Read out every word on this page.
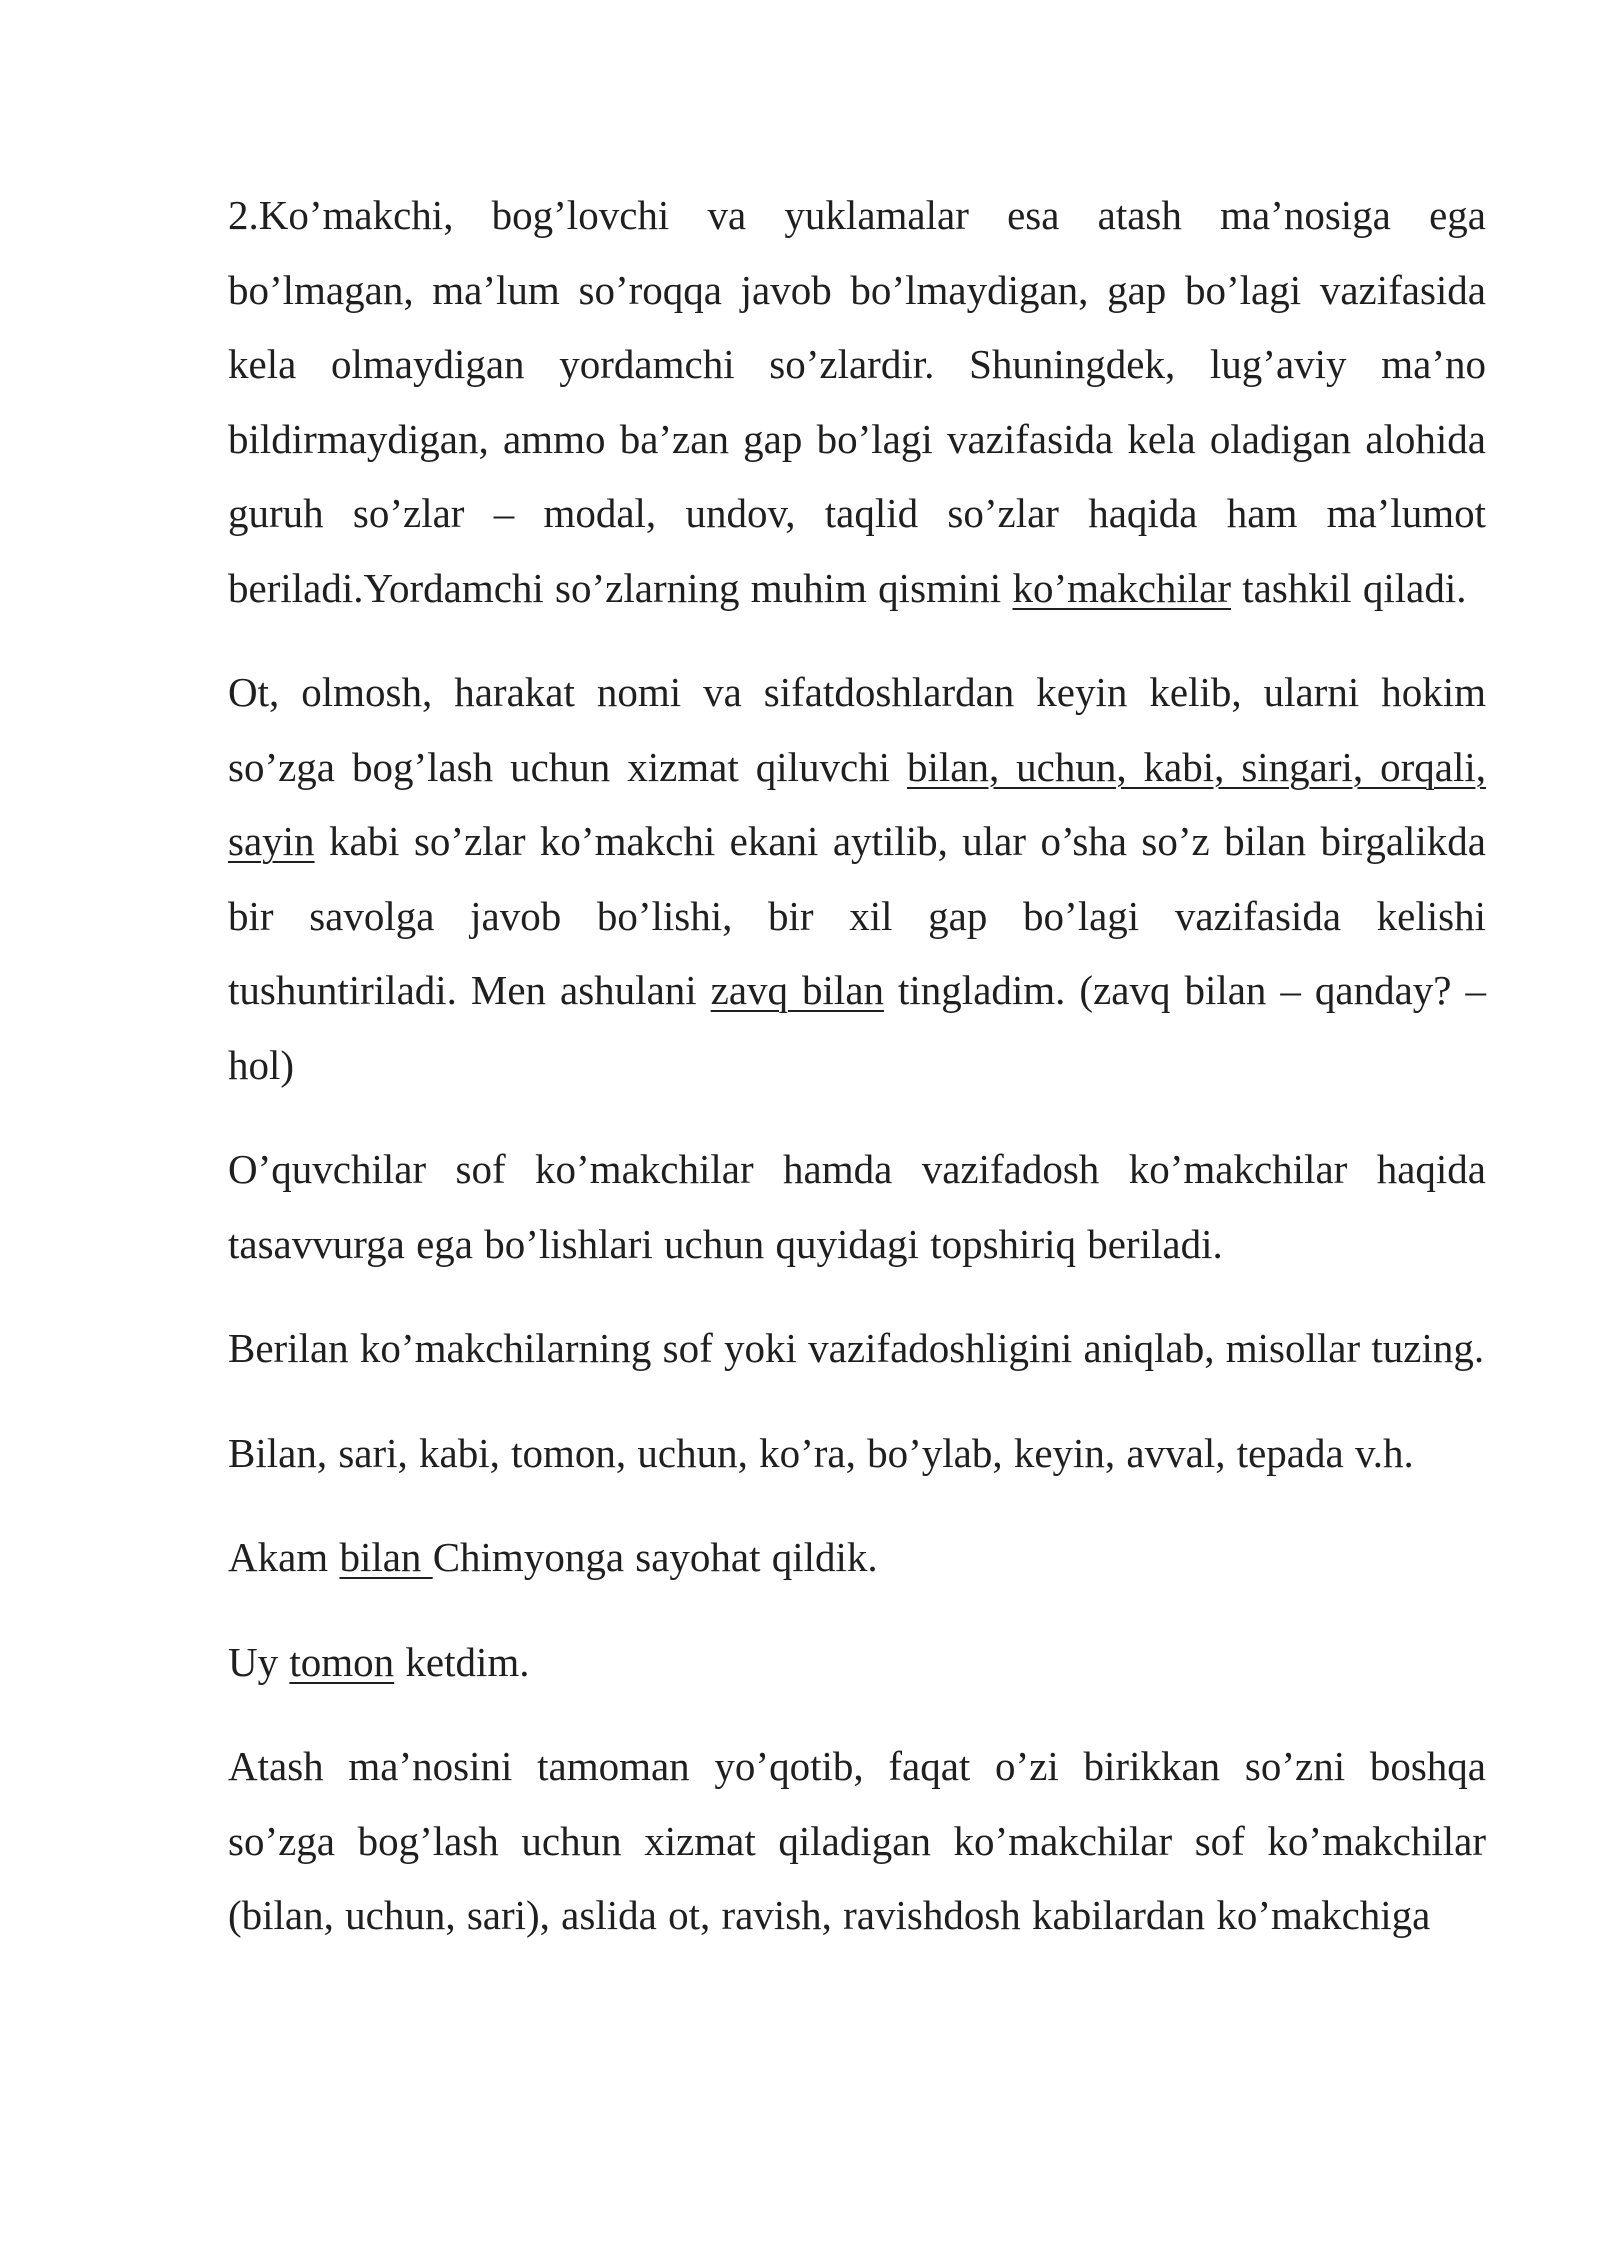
2.Ko’makchi, bog’lovchi va yuklamalar esa atash ma’nosiga ega bo’lmagan, ma’lum so’roqqa javob bo’lmaydigan, gap bo’lagi vazifasida kela olmaydigan yordamchi so’zlardir. Shuningdek, lug’aviy ma’no bildirmaydigan, ammo ba’zan gap bo’lagi vazifasida kela oladigan alohida guruh so’zlar – modal, undov, taqlid so’zlar haqida ham ma’lumot beriladi.Yordamchi so’zlarning muhim qismini ko’makchilar tashkil qiladi.

Ot, olmosh, harakat nomi va sifatdoshlardan keyin kelib, ularni hokim so’zga bog’lash uchun xizmat qiluvchi bilan, uchun, kabi, singari, orqali, sayin kabi so’zlar ko’makchi ekani aytilib, ular o’sha so’z bilan birgalikda bir savolga javob bo’lishi, bir xil gap bo’lagi vazifasida kelishi tushuntiriladi. Men ashulani zavq bilan tingladim. (zavq bilan – qanday? – hol)

O’quvchilar sof ko’makchilar hamda vazifadosh ko’makchilar haqida tasavvurga ega bo’lishlari uchun quyidagi topshiriq beriladi.

Berilan ko’makchilarning sof yoki vazifadoshligini aniqlab, misollar tuzing.

Bilan, sari, kabi, tomon, uchun, ko’ra, bo’ylab, keyin, avval, tepada v.h.

Akam bilan Chimyonga sayohat qildik.

Uy tomon ketdim.

Atash ma’nosini tamoman yo’qotib, faqat o’zi birikkan so’zni boshqa so’zga bog’lash uchun xizmat qiladigan ko’makchilar sof ko’makchilar (bilan, uchun, sari), aslida ot, ravish, ravishdosh kabilardan ko’makchiga
